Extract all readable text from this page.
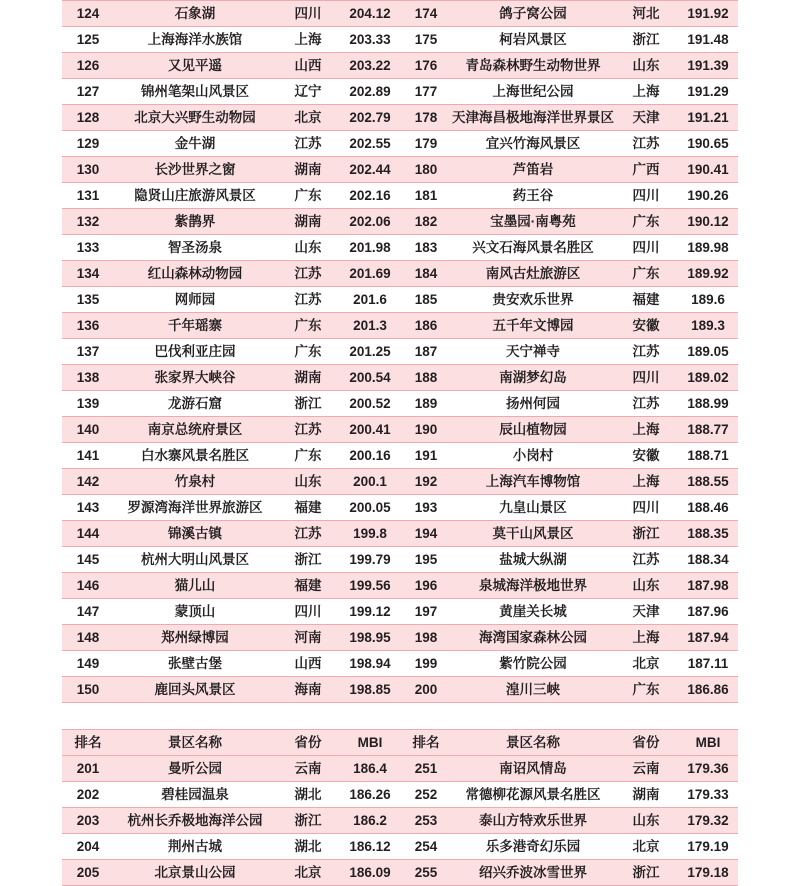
124	石象湖	四川	204.12	174	鸽子窝公园	河北	191.92
125	上海海洋水族馆	上海	203.33	175	柯岩风景区	浙江	191.48
126	又见平遥	山西	203.22	176	青岛森林野生动物世界	山东	191.39
127	锦州笔架山风景区	辽宁	202.89	177	上海世纪公园	上海	191.29
128	北京大兴野生动物园	北京	202.79	178	天津海昌极地海洋世界景区	天津	191.21
129	金牛湖	江苏	202.55	179	宜兴竹海风景区	江苏	190.65
130	长沙世界之窗	湖南	202.44	180	芦笛岩	广西	190.41
131	隐贤山庄旅游风景区	广东	202.16	181	药王谷	四川	190.26
132	紫鹊界	湖南	202.06	182	宝墨园·南粤苑	广东	190.12
133	智圣汤泉	山东	201.98	183	兴文石海风景名胜区	四川	189.98
134	红山森林动物园	江苏	201.69	184	南风古灶旅游区	广东	189.92
135	网师园	江苏	201.6	185	贵安欢乐世界	福建	189.6
136	千年瑶寨	广东	201.3	186	五千年文博园	安徽	189.3
137	巴伐利亚庄园	广东	201.25	187	天宁禅寺	江苏	189.05
138	张家界大峡谷	湖南	200.54	188	南湖梦幻岛	四川	189.02
139	龙游石窟	浙江	200.52	189	扬州何园	江苏	188.99
140	南京总统府景区	江苏	200.41	190	辰山植物园	上海	188.77
141	白水寨风景名胜区	广东	200.16	191	小岗村	安徽	188.71
142	竹泉村	山东	200.1	192	上海汽车博物馆	上海	188.55
143	罗源湾海洋世界旅游区	福建	200.05	193	九皇山景区	四川	188.46
144	锦溪古镇	江苏	199.8	194	莫干山风景区	浙江	188.35
145	杭州大明山风景区	浙江	199.79	195	盐城大纵湖	江苏	188.34
146	猫儿山	福建	199.56	196	泉城海洋极地世界	山东	187.98
147	蒙顶山	四川	199.12	197	黄崖关长城	天津	187.96
148	郑州绿博园	河南	198.95	198	海湾国家森林公园	上海	187.94
149	张壁古堡	山西	198.94	199	紫竹院公园	北京	187.11
150	鹿回头风景区	海南	198.85	200	湟川三峡	广东	186.86
排名	景区名称	省份	MBI	排名	景区名称	省份	MBI
201	曼听公园	云南	186.4	251	南诏风情岛	云南	179.36
202	碧桂园温泉	湖北	186.26	252	常德柳花源风景名胜区	湖南	179.33
203	杭州长乔极地海洋公园	浙江	186.2	253	泰山方特欢乐世界	山东	179.32
204	荆州古城	湖北	186.12	254	乐多港奇幻乐园	北京	179.19
205	北京景山公园	北京	186.09	255	绍兴乔波冰雪世界	浙江	179.18
